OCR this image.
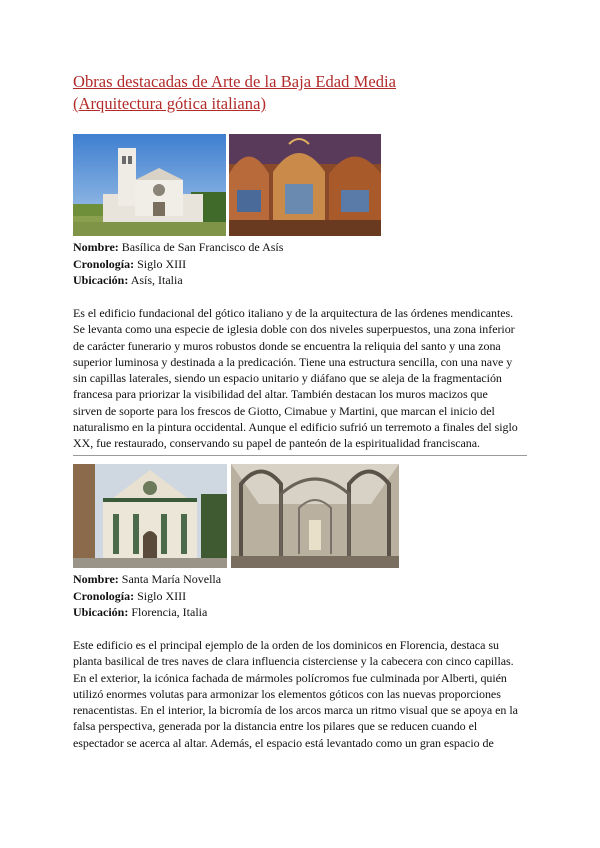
Obras destacadas de Arte de la Baja Edad Media
(Arquitectura gótica italiana)
Nombre: Basílica de San Francisco de Asís
Cronología: Siglo XIII
Ubicación: Asís, Italia
Es el edificio fundacional del gótico italiano y de la arquitectura de las órdenes mendicantes.
Se levanta como una especie de iglesia doble con dos niveles superpuestos, una zona inferior
de carácter funerario y muros robustos donde se encuentra la reliquia del santo y una zona
superior luminosa y destinada a la predicación. Tiene una estructura sencilla, con una nave y
sin capillas laterales, siendo un espacio unitario y diáfano que se aleja de la fragmentación
francesa para priorizar la visibilidad del altar. También destacan los muros macizos que
sirven de soporte para los frescos de Giotto, Cimabue y Martini, que marcan el inicio del
naturalismo en la pintura occidental. Aunque el edificio sufrió un terremoto a finales del siglo
XX, fue restaurado, conservando su papel de panteón de la espiritualidad franciscana.
Nombre: Santa María Novella
Cronología: Siglo XIII
Ubicación: Florencia, Italia
Este edificio es el principal ejemplo de la orden de los dominicos en Florencia, destaca su
planta basilical de tres naves de clara influencia cisterciense y la cabecera con cinco capillas.
En el exterior, la icónica fachada de mármoles polícromos fue culminada por Alberti, quién
utilizó enormes volutas para armonizar los elementos góticos con las nuevas proporciones
renacentistas. En el interior, la bicromía de los arcos marca un ritmo visual que se apoya en la
falsa perspectiva, generada por la distancia entre los pilares que se reducen cuando el
espectador se acerca al altar. Además, el espacio está levantado como un gran espacio de
